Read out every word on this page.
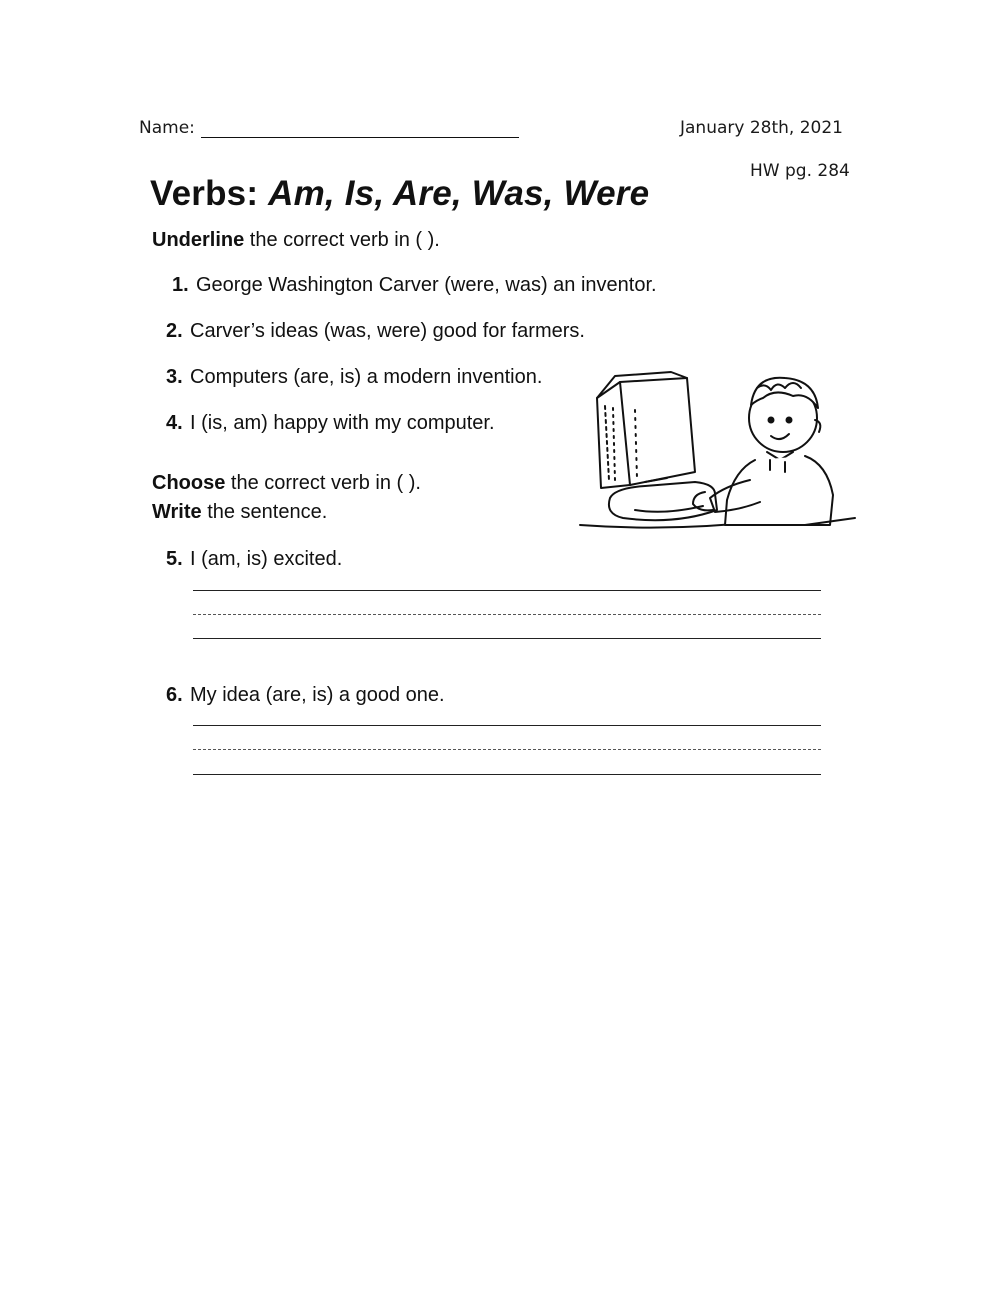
Name:	January 28th, 2021
HW pg. 284
Verbs: Am, Is, Are, Was, Were
Underline the correct verb in ( ).
1. George Washington Carver (were, was) an inventor.
2. Carver’s ideas (was, were) good for farmers.
3. Computers (are, is) a modern invention.
4. I (is, am) happy with my computer.
Choose the correct verb in ( ).
Write the sentence.
5. I (am, is) excited.
6. My idea (are, is) a good one.
